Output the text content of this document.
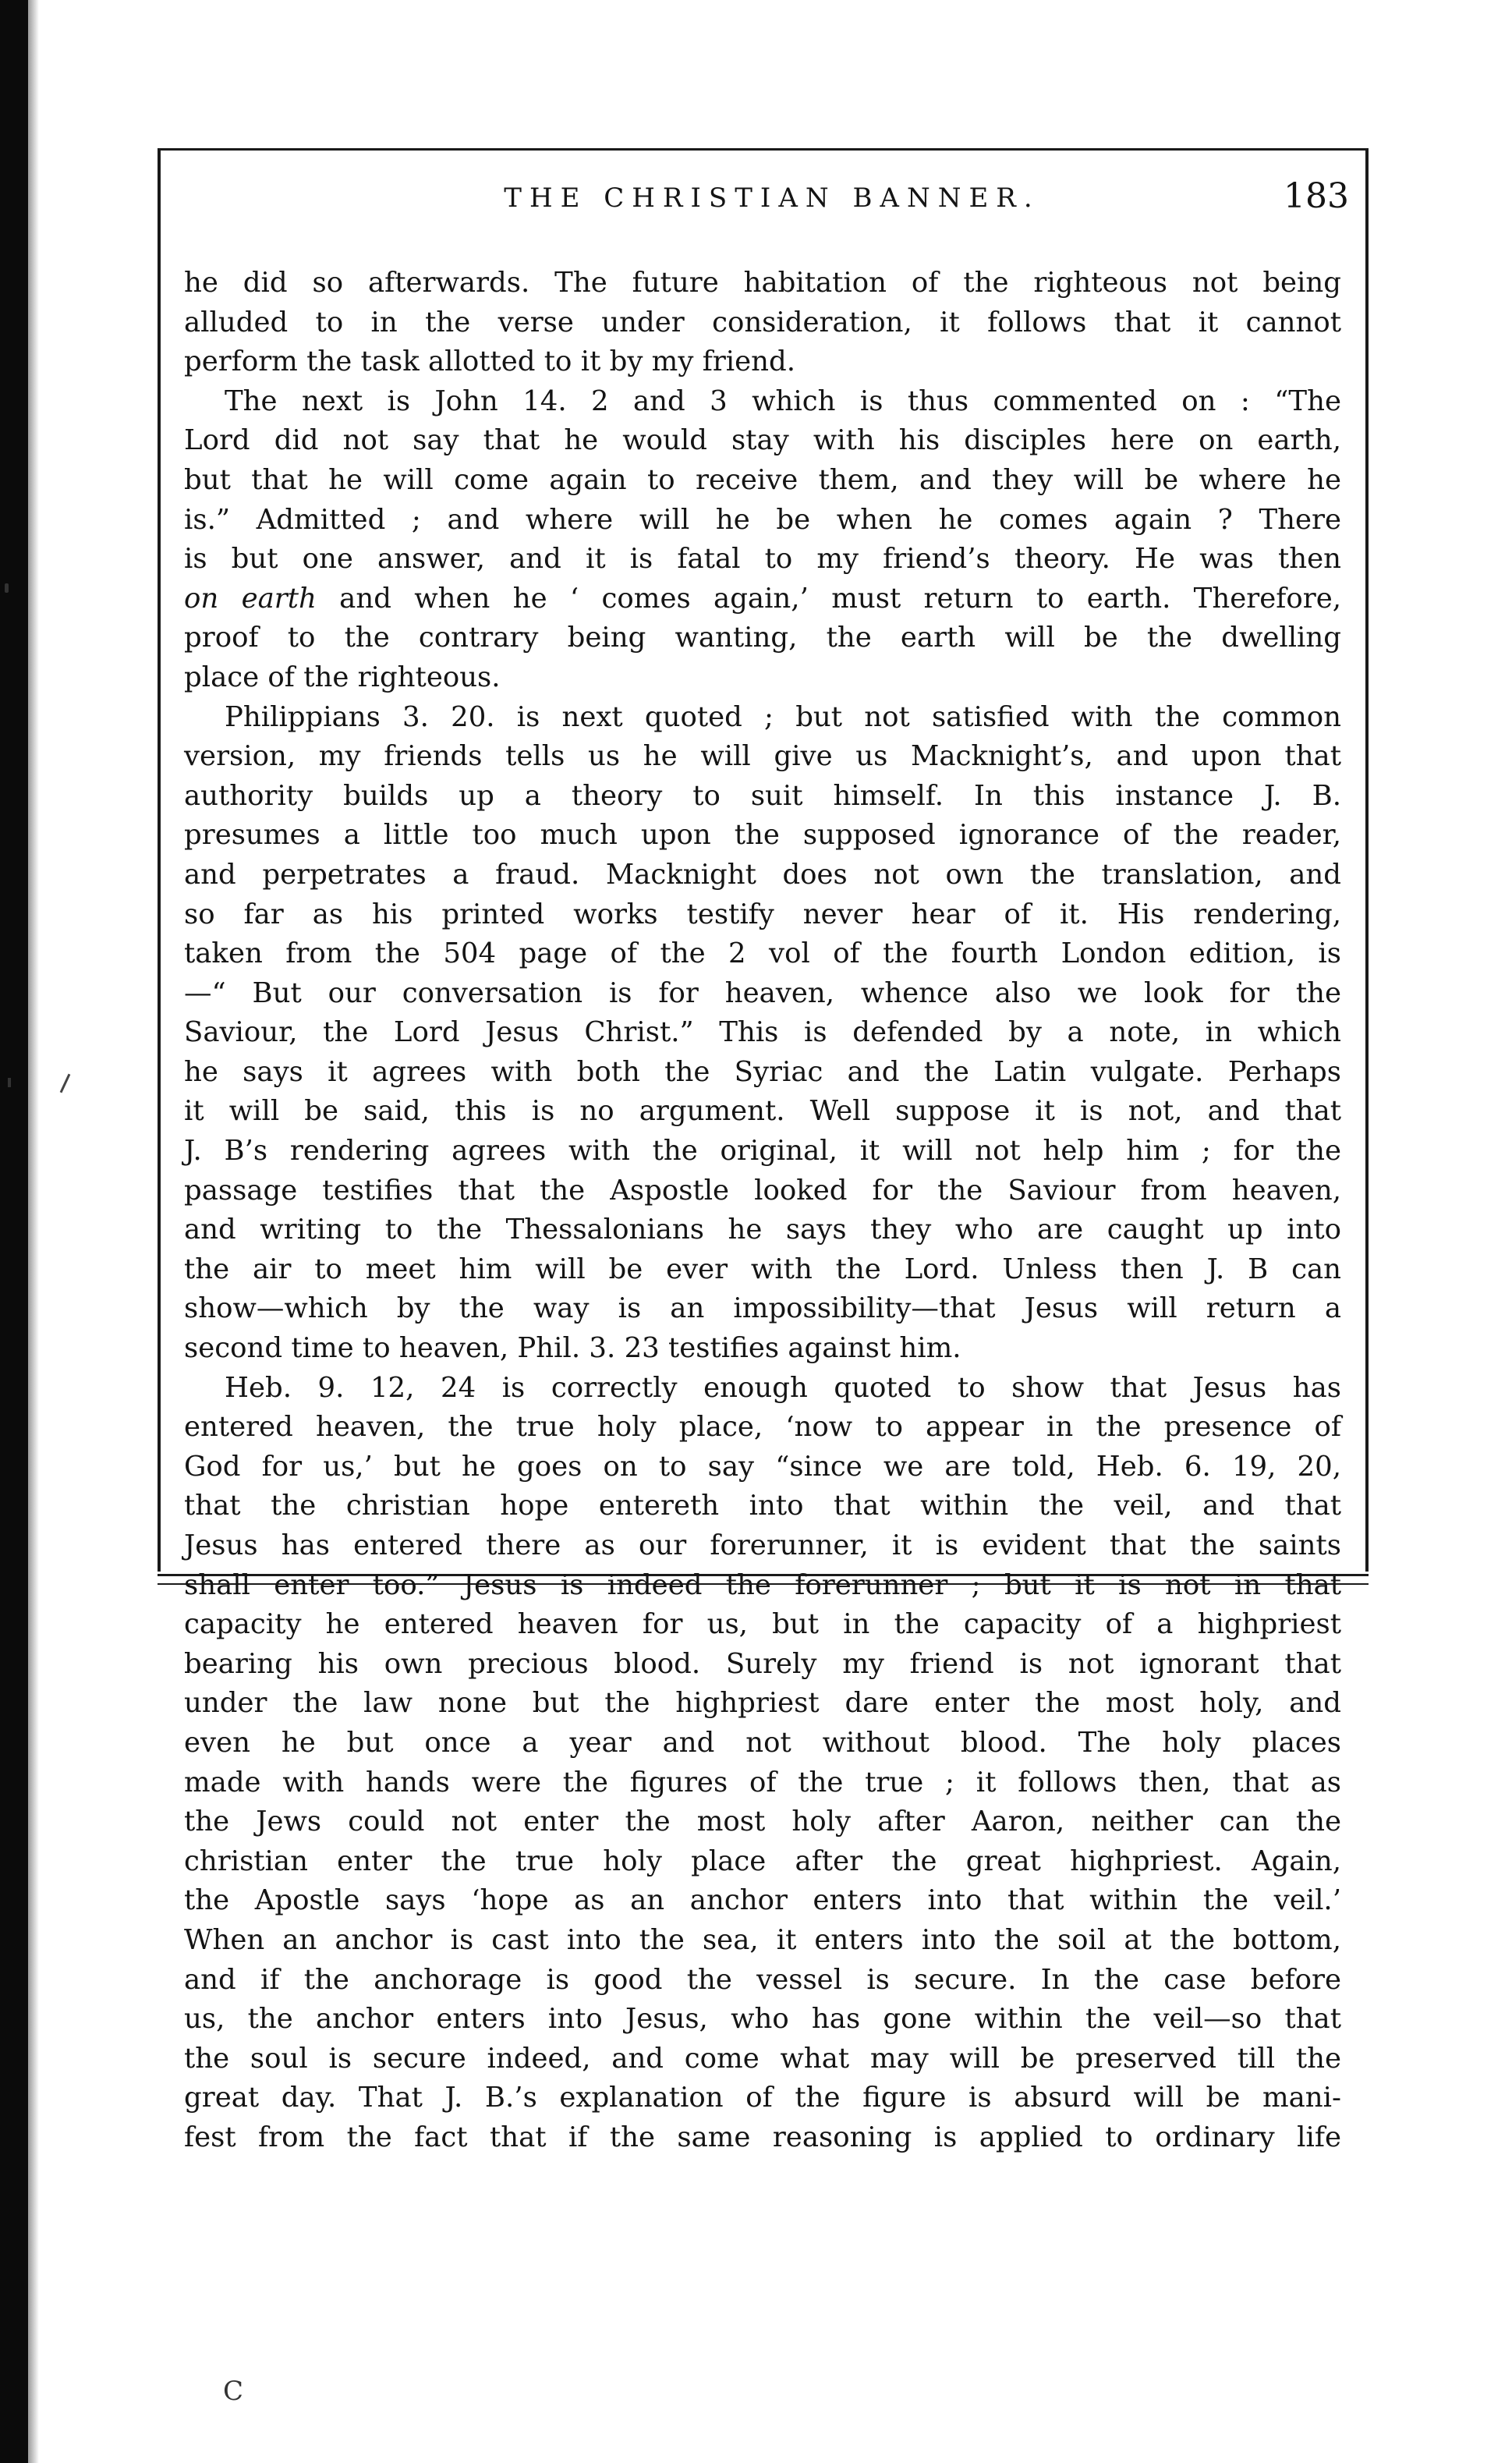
THE CHRISTIAN BANNER.	183
he did so afterwards. The future habitation of the righteous not being
alluded to in the verse under consideration, it follows that it cannot
perform the task allotted to it by my friend.
The next is John 14. 2 and 3 which is thus commented on : “The
Lord did not say that he would stay with his disciples here on earth,
but that he will come again to receive them, and they will be where he
is.” Admitted ; and where will he be when he comes again ? There
is but one answer, and it is fatal to my friend’s theory. He was then
on earth and when he ‘ comes again,’ must return to earth. Therefore,
proof to the contrary being wanting, the earth will be the dwelling
place of the righteous.
Philippians 3. 20. is next quoted ; but not satisfied with the common
version, my friends tells us he will give us Macknight’s, and upon that
authority builds up a theory to suit himself. In this instance J. B.
presumes a little too much upon the supposed ignorance of the reader,
and perpetrates a fraud. Macknight does not own the translation, and
so far as his printed works testify never hear of it. His rendering,
taken from the 504 page of the 2 vol of the fourth London edition, is
—“ But our conversation is for heaven, whence also we look for the
Saviour, the Lord Jesus Christ.” This is defended by a note, in which
he says it agrees with both the Syriac and the Latin vulgate. Perhaps
it will be said, this is no argument. Well suppose it is not, and that
J. B’s rendering agrees with the original, it will not help him ; for the
passage testifies that the Aspostle looked for the Saviour from heaven,
and writing to the Thessalonians he says they who are caught up into
the air to meet him will be ever with the Lord. Unless then J. B can
show—which by the way is an impossibility—that Jesus will return a
second time to heaven, Phil. 3. 23 testifies against him.
Heb. 9. 12, 24 is correctly enough quoted to show that Jesus has
entered heaven, the true holy place, ‘now to appear in the presence of
God for us,’ but he goes on to say “since we are told, Heb. 6. 19, 20,
that the christian hope entereth into that within the veil, and that
Jesus has entered there as our forerunner, it is evident that the saints
shall enter too.” Jesus is indeed the forerunner ; but it is not in that
capacity he entered heaven for us, but in the capacity of a highpriest
bearing his own precious blood. Surely my friend is not ignorant that
under the law none but the highpriest dare enter the most holy, and
even he but once a year and not without blood. The holy places
made with hands were the figures of the true ; it follows then, that as
the Jews could not enter the most holy after Aaron, neither can the
christian enter the true holy place after the great highpriest. Again,
the Apostle says ‘hope as an anchor enters into that within the veil.’
When an anchor is cast into the sea, it enters into the soil at the bottom,
and if the anchorage is good the vessel is secure. In the case before
us, the anchor enters into Jesus, who has gone within the veil—so that
the soul is secure indeed, and come what may will be preserved till the
great day. That J. B.’s explanation of the figure is absurd will be mani-
fest from the fact that if the same reasoning is applied to ordinary life
C
